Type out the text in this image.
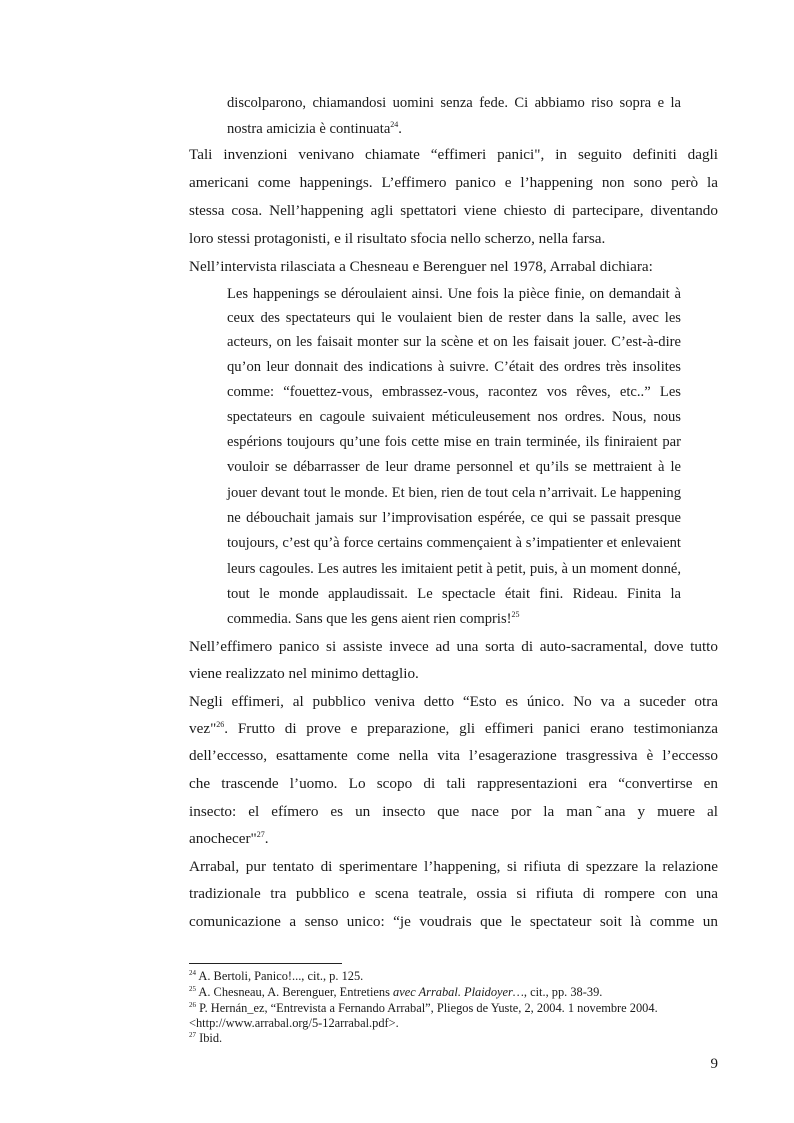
discolparono, chiamandosi uomini senza fede. Ci abbiamo riso sopra e la
nostra amicizia è continuata$^{24}$.
Tali invenzioni venivano chiamate “effimeri panici", in seguito definiti dagli
americani come happenings. L’effimero panico e l’happening non sono però la
stessa cosa. Nell’happening agli spettatori viene chiesto di partecipare, diventando
loro stessi protagonisti, e il risultato sfocia nello scherzo, nella farsa.
Nell’intervista rilasciata a Chesneau e Berenguer nel 1978, Arrabal dichiara:
Les happenings se déroulaient ainsi. Une fois la pièce finie, on demandait à
ceux des spectateurs qui le voulaient bien de rester dans la salle, avec les
acteurs, on les faisait monter sur la scène et on les faisait jouer. C’est-à-dire
qu’on leur donnait des indications à suivre. C’était des ordres très insolites
comme: “fouettez-vous, embrassez-vous, racontez vos rêves, etc..” Les
spectateurs en cagoule suivaient méticuleusement nos ordres. Nous, nous
espérions toujours qu’une fois cette mise en train terminée, ils finiraient par
vouloir se débarrasser de leur drame personnel et qu’ils se mettraient à le
jouer devant tout le monde. Et bien, rien de tout cela n’arrivait. Le happening
ne débouchait jamais sur l’improvisation espérée, ce qui se passait presque
toujours, c’est qu’à force certains commençaient à s’impatienter et enlevaient
leurs cagoules. Les autres les imitaient petit à petit, puis, à un moment donné,
tout le monde applaudissait. Le spectacle était fini. Rideau. Finita la
commedia. Sans que les gens aient rien compris!$^{25}$
Nell’effimero panico si assiste invece ad una sorta di auto-sacramental, dove tutto
viene realizzato nel minimo dettaglio.
Negli effimeri, al pubblico veniva detto “Esto es único. No va a suceder otra
vez"$^{26}$. Frutto di prove e preparazione, gli effimeri panici erano testimonianza
dell’eccesso, esattamente come nella vita l’esagerazione trasgressiva è l’eccesso
che trascende l’uomo. Lo scopo di tali rappresentazioni era “convertirse en
insecto: el efímero es un insecto que nace por la man ̃ana y muere al
anochecer"$^{27}$.
Arrabal, pur tentato di sperimentare l’happening, si rifiuta di spezzare la relazione
tradizionale tra pubblico e scena teatrale, ossia si rifiuta di rompere con una
comunicazione a senso unico: “je voudrais que le spectateur soit là comme un
$^{24}$ A. Bertoli, Panico!..., cit., p. 125.
$^{25}$ A. Chesneau, A. Berenguer, Entretiens avec Arrabal. Plaidoyer…, cit., pp. 38-39.
$^{26}$ P. Hernán_ez, “Entrevista a Fernando Arrabal”, Pliegos de Yuste, 2, 2004. 1 novembre 2004.
<http://www.arrabal.org/5-12arrabal.pdf>.
$^{27}$ Ibid.
9
